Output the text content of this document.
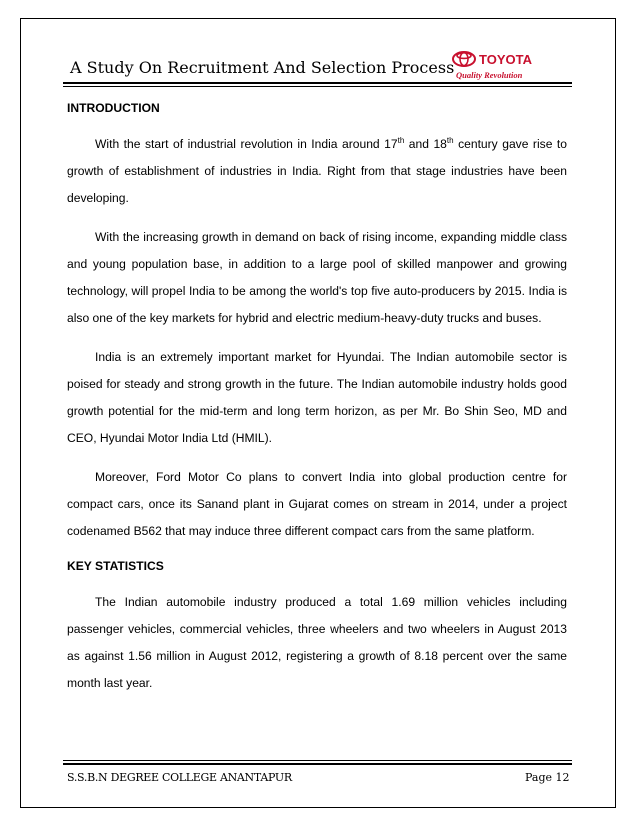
A Study On Recruitment And Selection Process TOYOTA
Quality Revolution

INTRODUCTION

With the start of industrial revolution in India around 17th and 18th century gave rise to growth of establishment of industries in India. Right from that stage industries have been developing.

With the increasing growth in demand on back of rising income, expanding middle class and young population base, in addition to a large pool of skilled manpower and growing technology, will propel India to be among the world's top five auto-producers by 2015. India is also one of the key markets for hybrid and electric medium-heavy-duty trucks and buses.

India is an extremely important market for Hyundai. The Indian automobile sector is poised for steady and strong growth in the future. The Indian automobile industry holds good growth potential for the mid-term and long term horizon, as per Mr. Bo Shin Seo, MD and CEO, Hyundai Motor India Ltd (HMIL).

Moreover, Ford Motor Co plans to convert India into global production centre for compact cars, once its Sanand plant in Gujarat comes on stream in 2014, under a project codenamed B562 that may induce three different compact cars from the same platform.

KEY STATISTICS

The Indian automobile industry produced a total 1.69 million vehicles including passenger vehicles, commercial vehicles, three wheelers and two wheelers in August 2013 as against 1.56 million in August 2012, registering a growth of 8.18 percent over the same month last year.

S.S.B.N DEGREE COLLEGE ANANTAPUR	Page 12
